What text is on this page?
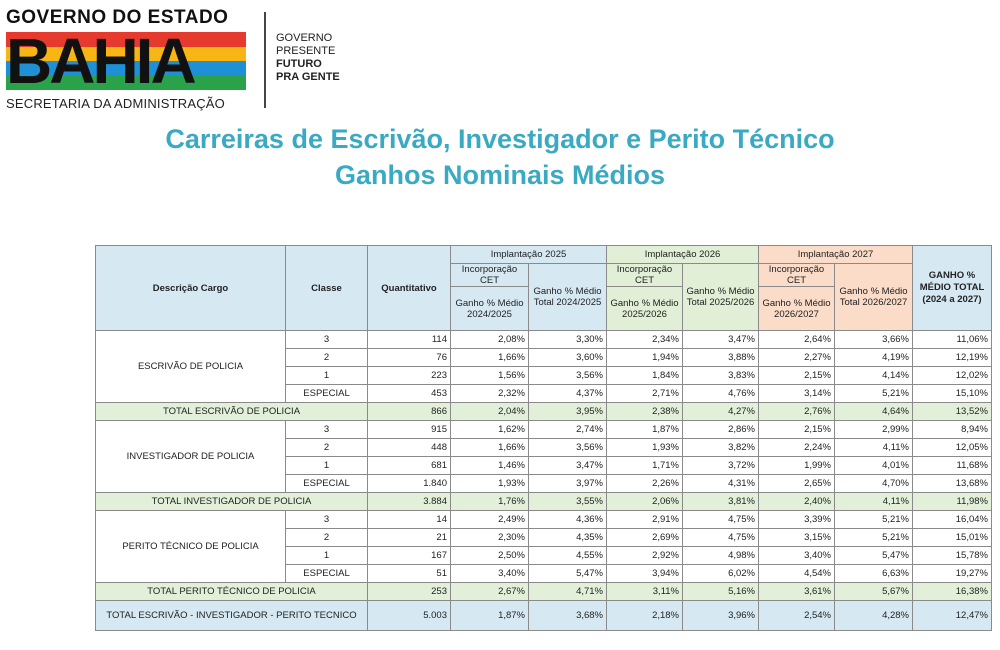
GOVERNO DO ESTADO
BAHIA
SECRETARIA DA ADMINISTRAÇÃO
GOVERNO
PRESENTE
FUTURO
PRA GENTE
Carreiras de Escrivão, Investigador e Perito Técnico
Ganhos Nominais Médios
Descrição Cargo	Classe	Quantitativo	Implantação 2025		Implantação 2026		Implantação 2027		GANHO % MÉDIO TOTAL (2024 a 2027)
			Incorporação CET	Ganho % Médio Total 2024/2025	Incorporação CET	Ganho % Médio Total 2025/2026	Incorporação CET	Ganho % Médio Total 2026/2027	
			Ganho % Médio 2024/2025		Ganho % Médio 2025/2026		Ganho % Médio 2026/2027		
ESCRIVÃO DE POLICIA	3	114	2,08%	3,30%	2,34%	3,47%	2,64%	3,66%	11,06%
	2	76	1,66%	3,60%	1,94%	3,88%	2,27%	4,19%	12,19%
	1	223	1,56%	3,56%	1,84%	3,83%	2,15%	4,14%	12,02%
	ESPECIAL	453	2,32%	4,37%	2,71%	4,76%	3,14%	5,21%	15,10%
TOTAL ESCRIVÃO DE POLICIA		866	2,04%	3,95%	2,38%	4,27%	2,76%	4,64%	13,52%
INVESTIGADOR DE POLICIA	3	915	1,62%	2,74%	1,87%	2,86%	2,15%	2,99%	8,94%
	2	448	1,66%	3,56%	1,93%	3,82%	2,24%	4,11%	12,05%
	1	681	1,46%	3,47%	1,71%	3,72%	1,99%	4,01%	11,68%
	ESPECIAL	1.840	1,93%	3,97%	2,26%	4,31%	2,65%	4,70%	13,68%
TOTAL INVESTIGADOR DE POLICIA		3.884	1,76%	3,55%	2,06%	3,81%	2,40%	4,11%	11,98%
PERITO TÉCNICO DE POLICIA	3	14	2,49%	4,36%	2,91%	4,75%	3,39%	5,21%	16,04%
	2	21	2,30%	4,35%	2,69%	4,75%	3,15%	5,21%	15,01%
	1	167	2,50%	4,55%	2,92%	4,98%	3,40%	5,47%	15,78%
	ESPECIAL	51	3,40%	5,47%	3,94%	6,02%	4,54%	6,63%	19,27%
TOTAL PERITO TÉCNICO DE POLICIA		253	2,67%	4,71%	3,11%	5,16%	3,61%	5,67%	16,38%
TOTAL ESCRIVÃO - INVESTIGADOR - PERITO TECNICO		5.003	1,87%	3,68%	2,18%	3,96%	2,54%	4,28%	12,47%
